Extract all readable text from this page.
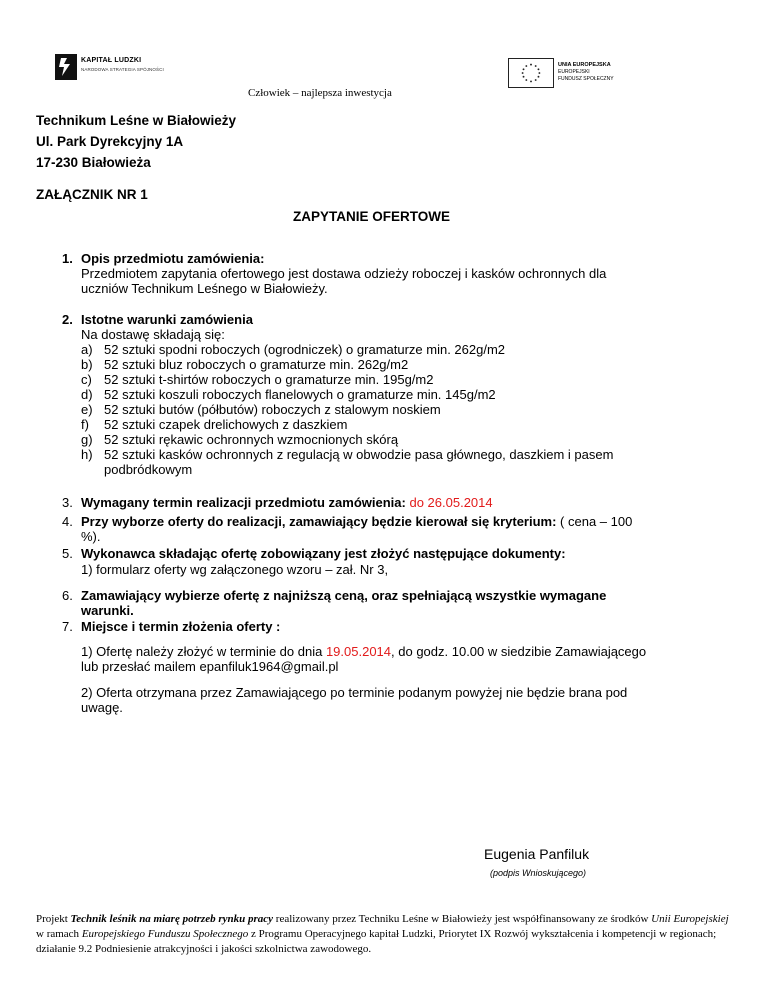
KAPITAŁ LUDZKI
NARODOWA STRATEGIA SPÓJNOŚCI
Człowiek – najlepsza inwestycja
UNIA EUROPEJSKA
EUROPEJSKI
FUNDUSZ SPOŁECZNY
Technikum Leśne w Białowieży
Ul. Park Dyrekcyjny 1A
17-230 Białowieża
ZAŁĄCZNIK NR 1
ZAPYTANIE OFERTOWE
1. Opis przedmiotu zamówienia:
Przedmiotem zapytania ofertowego jest dostawa odzieży roboczej i kasków ochronnych dla
uczniów Technikum Leśnego w Białowieży.
2. Istotne warunki zamówienia
Na dostawę składają się:
a) 52 sztuki spodni roboczych (ogrodniczek) o gramaturze min. 262g/m2
b) 52 sztuki bluz roboczych o gramaturze min. 262g/m2
c) 52 sztuki t-shirtów roboczych o gramaturze min. 195g/m2
d) 52 sztuki koszuli roboczych flanelowych o gramaturze min. 145g/m2
e) 52 sztuki butów (półbutów) roboczych z stalowym noskiem
f) 52 sztuki czapek drelichowych z daszkiem
g) 52 sztuki rękawic ochronnych wzmocnionych skórą
h) 52 sztuki kasków ochronnych z regulacją w obwodzie pasa głównego, daszkiem i pasem
podbródkowym
3. Wymagany termin realizacji przedmiotu zamówienia: do 26.05.2014
4. Przy wyborze oferty do realizacji, zamawiający będzie kierował się kryterium: ( cena – 100
%).
5. Wykonawca składając ofertę zobowiązany jest złożyć następujące dokumenty:
1) formularz oferty wg załączonego wzoru – zał. Nr 3,
6. Zamawiający wybierze ofertę z najniższą ceną, oraz spełniającą wszystkie wymagane
warunki.
7. Miejsce i termin złożenia oferty :
1) Ofertę należy złożyć w terminie do dnia 19.05.2014, do godz. 10.00 w siedzibie Zamawiającego
lub przesłać mailem epanfiluk1964@gmail.pl
2) Oferta otrzymana przez Zamawiającego po terminie podanym powyżej nie będzie brana pod
uwagę.
Eugenia Panfiluk
(podpis Wnioskującego)
Projekt Technik leśnik na miarę potrzeb rynku pracy realizowany przez Techniku Leśne w Białowieży jest współfinansowany ze środków Unii Europejskiej w ramach Europejskiego Funduszu Społecznego z Programu Operacyjnego kapitał Ludzki, Priorytet IX Rozwój wykształcenia i kompetencji w regionach; działanie 9.2 Podniesienie atrakcyjności i jakości szkolnictwa zawodowego.
